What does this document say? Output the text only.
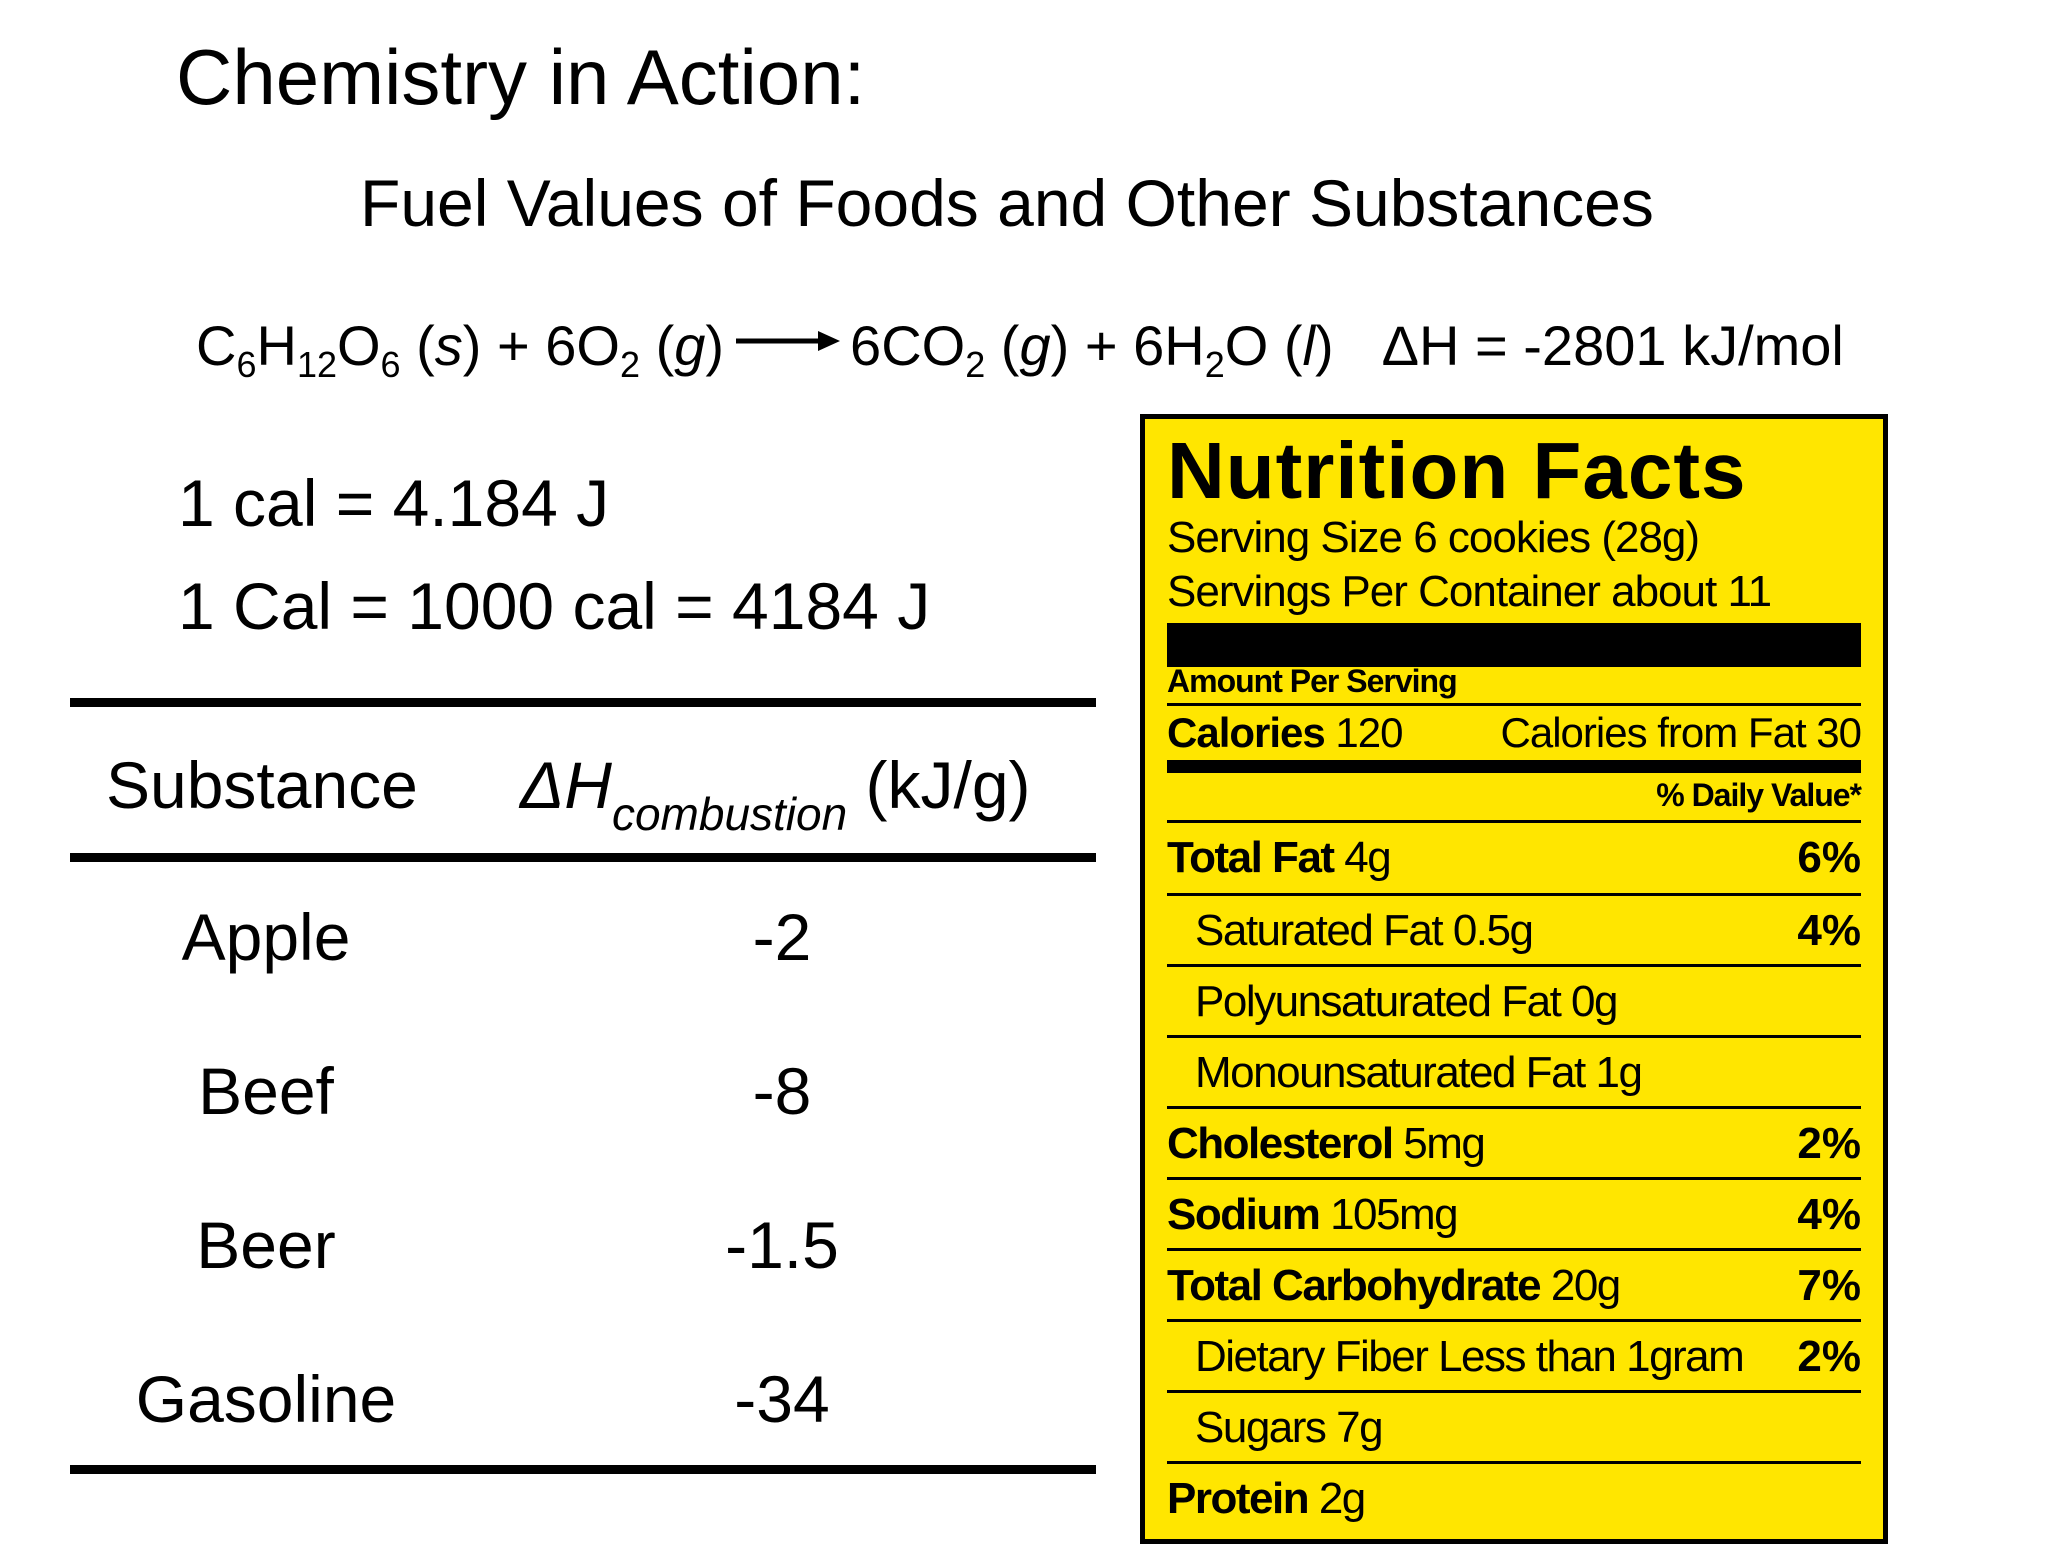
Chemistry in Action:
Fuel Values of Foods and Other Substances
$C_6H_{12}O_6$ $(s) + 6O_2$ $(g) \to 6CO_2$ $(g) + 6H_2O$ (l) ΔH = -2801 kJ/mol
1 cal = 4.184 J
1 Cal = 1000 cal = 4184 J
Substance $\Delta H_{combustion}$ (kJ/g)
Apple	-2
Beef	-8
Beer	-1.5
Gasoline	-34
Nutrition Facts
Serving Size 6 cookies (28g)
Servings Per Container about 11
Amount Per Serving
Calories 120 Calories from Fat 30
% Daily Value*
Total Fat 4g	6%
Saturated Fat 0.5g	4%
Polyunsaturated Fat 0g
Monounsaturated Fat 1g
Cholesterol 5mg	2%
Sodium 105mg	4%
Total Carbohydrate 20g	7%
Dietary Fiber Less than 1gram 2%
Sugars 7g
Protein 2g
